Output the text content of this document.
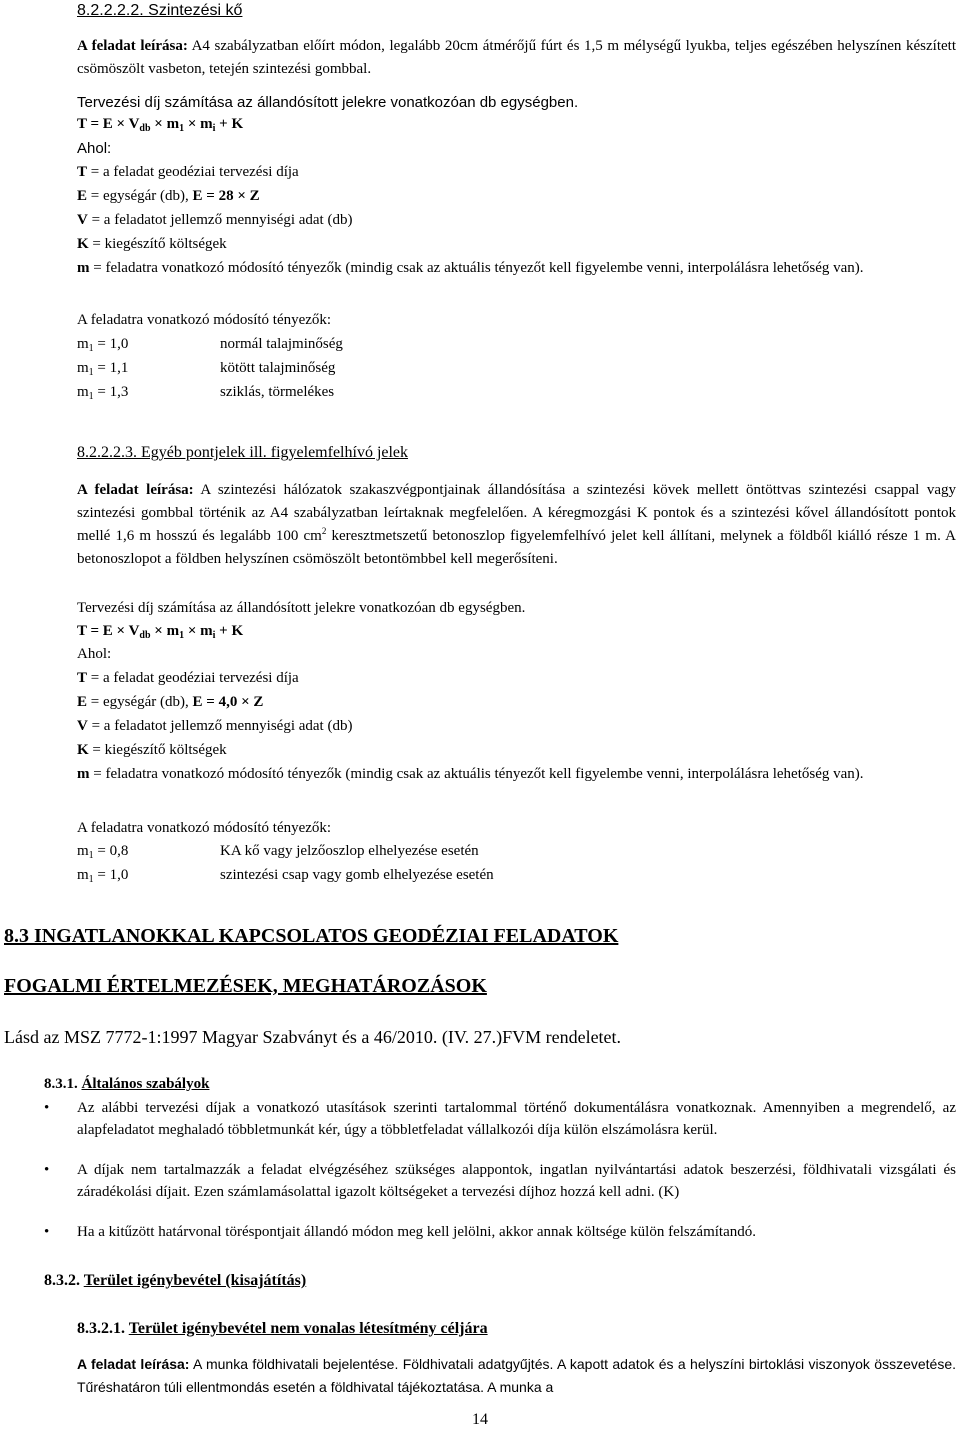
8.2.2.2.2. Szintezési kő

A feladat leírása: A4 szabályzatban előírt módon, legalább 20cm átmérőjű fúrt és 1,5 m mélységű lyukba, teljes egészében helyszínen készített csömöszölt vasbeton, tetején szintezési gombbal.

Tervezési díj számítása az állandósított jelekre vonatkozóan db egységben.
$T = E \times V_{db} \times m_1 \times m_i + K$
Ahol:
T = a feladat geodéziai tervezési díja
E = egységár (db), E = 28 × Z
V = a feladatot jellemző mennyiségi adat (db)
K = kiegészítő költségek
m = feladatra vonatkozó módosító tényezők (mindig csak az aktuális tényezőt kell figyelembe venni, interpolálásra lehetőség van).
A feladatra vonatkozó módosító tényezők:
$m_1 = 1,0$	normál talajminőség
$m_1 = 1,1$	kötött talajminőség
$m_1 = 1,3$	sziklás, törmelékes
8.2.2.2.3. Egyéb pontjelek ill. figyelemfelhívó jelek

A feladat leírása: A szintezési hálózatok szakaszvégpontjainak állandósítása a szintezési kövek mellett öntöttvas szintezési csappal vagy szintezési gombbal történik az A4 szabályzatban leírtaknak megfelelően. A kéregmozgási K pontok és a szintezési kővel állandósított pontok mellé 1,6 m hosszú és legalább 100 $cm^2$ keresztmetszetű betonoszlop figyelemfelhívó jelet kell állítani, melynek a földből kiálló része 1 m. A betonoszlopot a földben helyszínen csömöszölt betontömbbel kell megerősíteni.

Tervezési díj számítása az állandósított jelekre vonatkozóan db egységben.
$T = E \times V_{db} \times m_1 \times m_i + K$
Ahol:
T = a feladat geodéziai tervezési díja
E = egységár (db), E = 4,0 × Z
V = a feladatot jellemző mennyiségi adat (db)
K = kiegészítő költségek
m = feladatra vonatkozó módosító tényezők (mindig csak az aktuális tényezőt kell figyelembe venni, interpolálásra lehetőség van).
A feladatra vonatkozó módosító tényezők:
$m_1 = 0,8$	KA kő vagy jelzőoszlop elhelyezése esetén
$m_1 = 1,0$	szintezési csap vagy gomb elhelyezése esetén
8.3 INGATLANOKKAL KAPCSOLATOS GEODÉZIAI FELADATOK
FOGALMI ÉRTELMEZÉSEK, MEGHATÁROZÁSOK

Lásd az MSZ 7772-1:1997 Magyar Szabványt és a 46/2010. (IV. 27.)FVM rendeletet.

8.3.1. Általános szabályok
• Az alábbi tervezési díjak a vonatkozó utasítások szerinti tartalommal történő dokumentálásra vonatkoznak. Amennyiben a megrendelő, az alapfeladatot meghaladó többletmunkát kér, úgy a többletfeladat vállalkozói díja külön elszámolásra kerül.
• A díjak nem tartalmazzák a feladat elvégzéséhez szükséges alappontok, ingatlan nyilvántartási adatok beszerzési, földhivatali vizsgálati és záradékolási díjait. Ezen számlamásolattal igazolt költségeket a tervezési díjhoz hozzá kell adni. (K)
• Ha a kitűzött határvonal töréspontjait állandó módon meg kell jelölni, akkor annak költsége külön felszámítandó.
8.3.2. Terület igénybevétel (kisajátítás)
8.3.2.1. Terület igénybevétel nem vonalas létesítmény céljára

A feladat leírása: A munka földhivatali bejelentése. Földhivatali adatgyűjtés. A kapott adatok és a helyszíni birtoklási viszonyok összevetése. Tűréshatáron túli ellentmondás esetén a földhivatal tájékoztatása. A munka a

14
